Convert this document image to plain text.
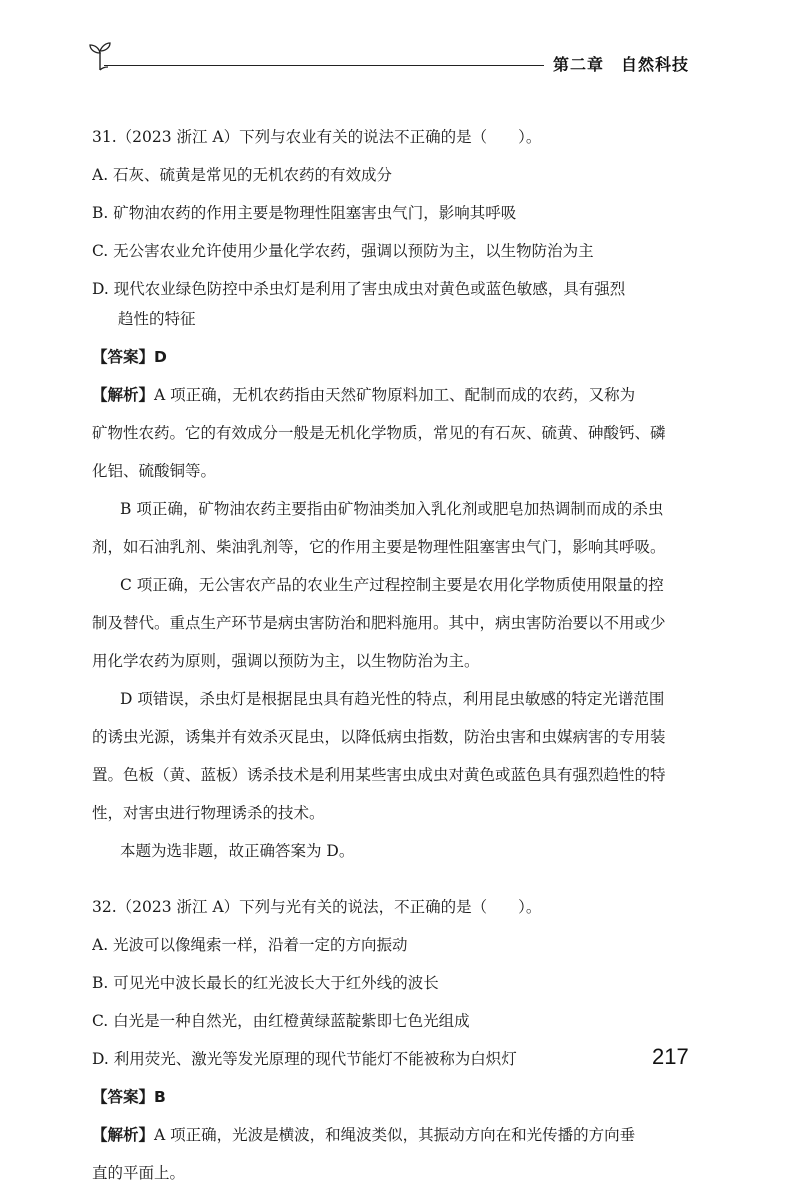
第二章　自然科技
31.（2023 浙江 A）下列与农业有关的说法不正确的是（　　）。
A. 石灰、硫黄是常见的无机农药的有效成分
B. 矿物油农药的作用主要是物理性阻塞害虫气门，影响其呼吸
C. 无公害农业允许使用少量化学农药，强调以预防为主，以生物防治为主
D. 现代农业绿色防控中杀虫灯是利用了害虫成虫对黄色或蓝色敏感，具有强烈
趋性的特征
【答案】D
【解析】A 项正确，无机农药指由天然矿物原料加工、配制而成的农药，又称为
矿物性农药。它的有效成分一般是无机化学物质，常见的有石灰、硫黄、砷酸钙、磷
化铝、硫酸铜等。
B 项正确，矿物油农药主要指由矿物油类加入乳化剂或肥皂加热调制而成的杀虫
剂，如石油乳剂、柴油乳剂等，它的作用主要是物理性阻塞害虫气门，影响其呼吸。
C 项正确，无公害农产品的农业生产过程控制主要是农用化学物质使用限量的控
制及替代。重点生产环节是病虫害防治和肥料施用。其中，病虫害防治要以不用或少
用化学农药为原则，强调以预防为主，以生物防治为主。
D 项错误，杀虫灯是根据昆虫具有趋光性的特点，利用昆虫敏感的特定光谱范围
的诱虫光源，诱集并有效杀灭昆虫，以降低病虫指数，防治虫害和虫媒病害的专用装
置。色板（黄、蓝板）诱杀技术是利用某些害虫成虫对黄色或蓝色具有强烈趋性的特
性，对害虫进行物理诱杀的技术。
本题为选非题，故正确答案为 D。
32.（2023 浙江 A）下列与光有关的说法，不正确的是（　　）。
A. 光波可以像绳索一样，沿着一定的方向振动
B. 可见光中波长最长的红光波长大于红外线的波长
C. 白光是一种自然光，由红橙黄绿蓝靛紫即七色光组成
D. 利用荧光、激光等发光原理的现代节能灯不能被称为白炽灯
【答案】B
【解析】A 项正确，光波是横波，和绳波类似，其振动方向在和光传播的方向垂
直的平面上。
217
